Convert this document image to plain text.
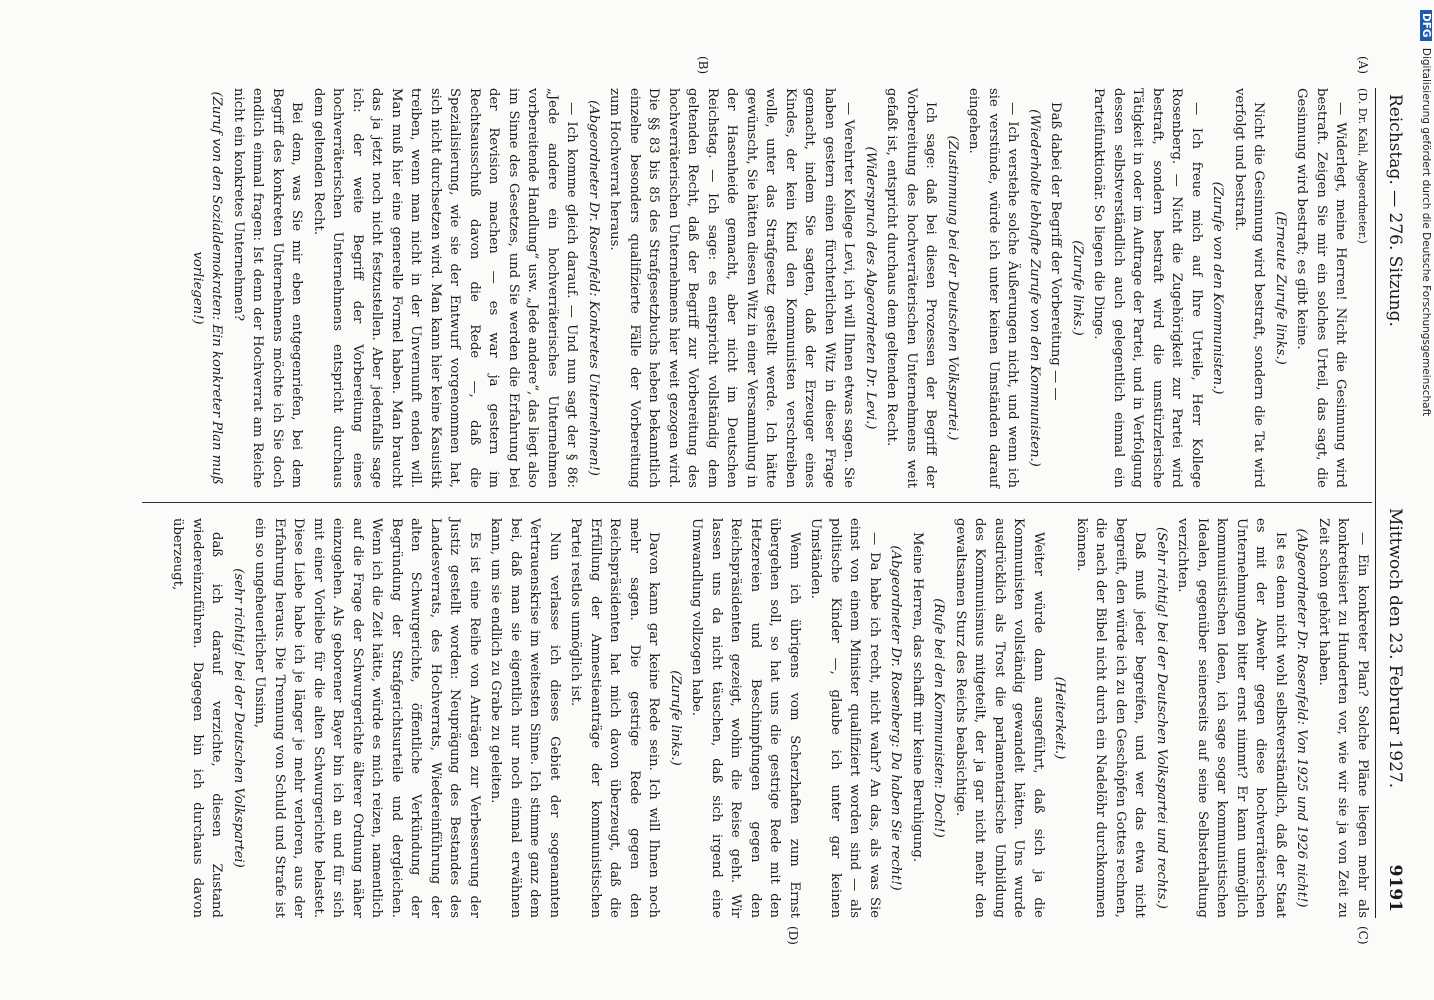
Reichstag. — 276. Sitzung.
Mittwoch den 23. Februar 1927.
9191
(A)
(B)
(C)
(D)

(D. Dr. Kahl, Abgeordneter.)

— Widerlegt, meine Herren! Nicht die Gesinnung wird bestraft. Zeigen Sie mir ein solches Urteil, das sagt, die Gesinnung wird bestraft; es gibt keine.

(Erneute Zurufe links.)

Nicht die Gesinnung wird bestraft, sondern die Tat wird verfolgt und bestraft.

(Zurufe von den Kommunisten.)

— Ich freue mich auf Ihre Urteile, Herr Kollege Rosenberg. — Nicht die Zugehörigkeit zur Partei wird bestraft, sondern bestraft wird die umstürzlerische Tätigkeit in oder im Auftrage der Partei, und in Verfolgung dessen selbstverständlich auch gelegentlich einmal ein Parteifunktionär. So liegen die Dinge.

(Zurufe links.)

Daß dabei der Begriff der Vorbereitung — —

(Wiederholte lebhafte Zurufe von den Kommunisten.)

— Ich verstehe solche Äußerungen nicht, und wenn ich sie verstünde, würde ich unter keinen Umständen darauf eingehen.

(Zustimmung bei der Deutschen Volkspartei.)

Ich sage: daß bei diesen Prozessen der Begriff der Vorbereitung des hochverräterischen Unternehmens weit gefaßt ist, entspricht durchaus dem geltenden Recht.

(Widerspruch des Abgeordneten Dr. Levi.)

— Verehrter Kollege Levi, ich will Ihnen etwas sagen. Sie haben gestern einen fürchterlichen Witz in dieser Frage gemacht, indem Sie sagten, daß der Erzeuger eines Kindes, der kein Kind den Kommunisten verschreiben wolle, unter das Strafgesetz gestellt werde. Ich hätte gewünscht, Sie hätten diesen Witz in einer Versammlung in der Hasenheide gemacht, aber nicht im Deutschen Reichstag. — Ich sage: es entspricht vollständig dem geltenden Recht, daß der Begriff zur Vorbereitung des hochverräterischen Unternehmens hier weit gezogen wird. Die §§ 83 bis 85 des Strafgesetzbuchs heben bekanntlich einzelne besonders qualifizierte Fälle der Vorbereitung zum Hochverrat heraus.

(Abgeordneter Dr. Rosenfeld: Konkretes Unternehmen!)

— Ich komme gleich darauf. — Und nun sagt der § 86: „Jede andere ein hochverräterisches Unternehmen vorbereitende Handlung“ usw. „Jede andere“, das liegt also im Sinne des Gesetzes, und Sie werden die Erfahrung bei der Revision machen — es war ja gestern im Rechtsausschuß davon die Rede —, daß die Spezialisierung, wie sie der Entwurf vorgenommen hat, sich nicht durchsetzen wird. Man kann hier keine Kasuistik treiben, wenn man nicht in der Unvernunft enden will. Man muß hier eine generelle Formel haben. Man braucht das ja jetzt noch nicht festzustellen. Aber jedenfalls sage ich: der weite Begriff der Vorbereitung eines hochverräterischen Unternehmens entspricht durchaus dem geltenden Recht.

Bei dem, was Sie mir eben entgegenriefen, bei dem Begriff des konkreten Unternehmens möchte ich Sie doch endlich einmal fragen: Ist denn der Hochverrat am Reiche nicht ein konkretes Unternehmen?

(Zuruf von den Sozialdemokraten: Ein konkreter Plan muß vorliegen!)

— Ein konkreter Plan? Solche Pläne liegen mehr als konkretisiert zu Hunderten vor, wie wir sie ja von Zeit zu Zeit schon gehört haben.

(Abgeordneter Dr. Rosenfeld: Von 1925 und 1926 nicht!)

Ist es denn nicht wohl selbstverständlich, daß der Staat es mit der Abwehr gegen diese hochverräterischen Unternehmungen bitter ernst nimmt? Er kann unmöglich kommunistischen Ideen, ich sage sogar kommunistischen Idealen, gegenüber seinerseits auf seine Selbsterhaltung verzichten.

(Sehr richtig! bei der Deutschen Volkspartei und rechts.)

Daß muß jeder begreifen, und wer das etwa nicht begreift, den würde ich zu den Geschöpfen Gottes rechnen, die nach der Bibel nicht durch ein Nadelöhr durchkommen können.

(Heiterkeit.)

Weiter würde dann ausgeführt, daß sich ja die Kommunisten vollständig gewandelt hätten. Uns wurde ausdrücklich als Trost die parlamentarische Umbildung des Kommunismus mitgeteilt, der ja gar nicht mehr den gewaltsamen Sturz des Reichs beabsichtige.

(Rufe bei den Kommunisten: Doch!)

Meine Herren, das schafft mir keine Beruhigung.

(Abgeordneter Dr. Rosenberg: Da haben Sie recht!)

— Da habe ich recht, nicht wahr? An das, als was Sie einst von einem Minister qualifiziert worden sind — als politische Kinder —, glaube ich unter gar keinen Umständen.

Wenn ich übrigens vom Scherzhaften zum Ernst übergehen soll, so hat uns die gestrige Rede mit den Hetzereien und Beschimpfungen gegen den Reichspräsidenten gezeigt, wohin die Reise geht. Wir lassen uns da nicht täuschen, daß sich irgend eine Umwandlung vollzogen habe.

(Zurufe links.)

Davon kann gar keine Rede sein. Ich will Ihnen noch mehr sagen. Die gestrige Rede gegen den Reichspräsidenten hat mich davon überzeugt, daß die Erfüllung der Amnestieanträge der kommunistischen Partei restlos unmöglich ist.

Nun verlasse ich dieses Gebiet der sogenannten Vertrauenskrise im weitesten Sinne. Ich stimme ganz dem bei, daß man sie eigentlich nur noch einmal erwähnen kann, um sie endlich zu Grabe zu geleiten.

Es ist eine Reihe von Anträgen zur Verbesserung der Justiz gestellt worden: Neuprägung des Bestandes des Landesverrats, des Hochverrats, Wiedereinführung der alten Schwurgerichte, öffentliche Verkündung der Begründung der Strafgerichtsurteile und dergleichen. Wenn ich die Zeit hätte, würde es mich reizen, namentlich auf die Frage der Schwurgerichte älterer Ordnung näher einzugehen. Als geborener Bayer bin ich an und für sich mit einer Vorliebe für die alten Schwurgerichte belastet. Diese Liebe habe ich je länger je mehr verloren, aus der Erfahrung heraus. Die Trennung von Schuld und Strafe ist ein so ungeheuerlicher Unsinn,

(sehr richtig! bei der Deutschen Volkspartei)

daß ich darauf verzichte, diesen Zustand wiedereinzuführen. Dagegen bin ich durchaus davon überzeugt,

DFG Digitalisierung gefördert durch die Deutsche Forschungsgemeinschaft
